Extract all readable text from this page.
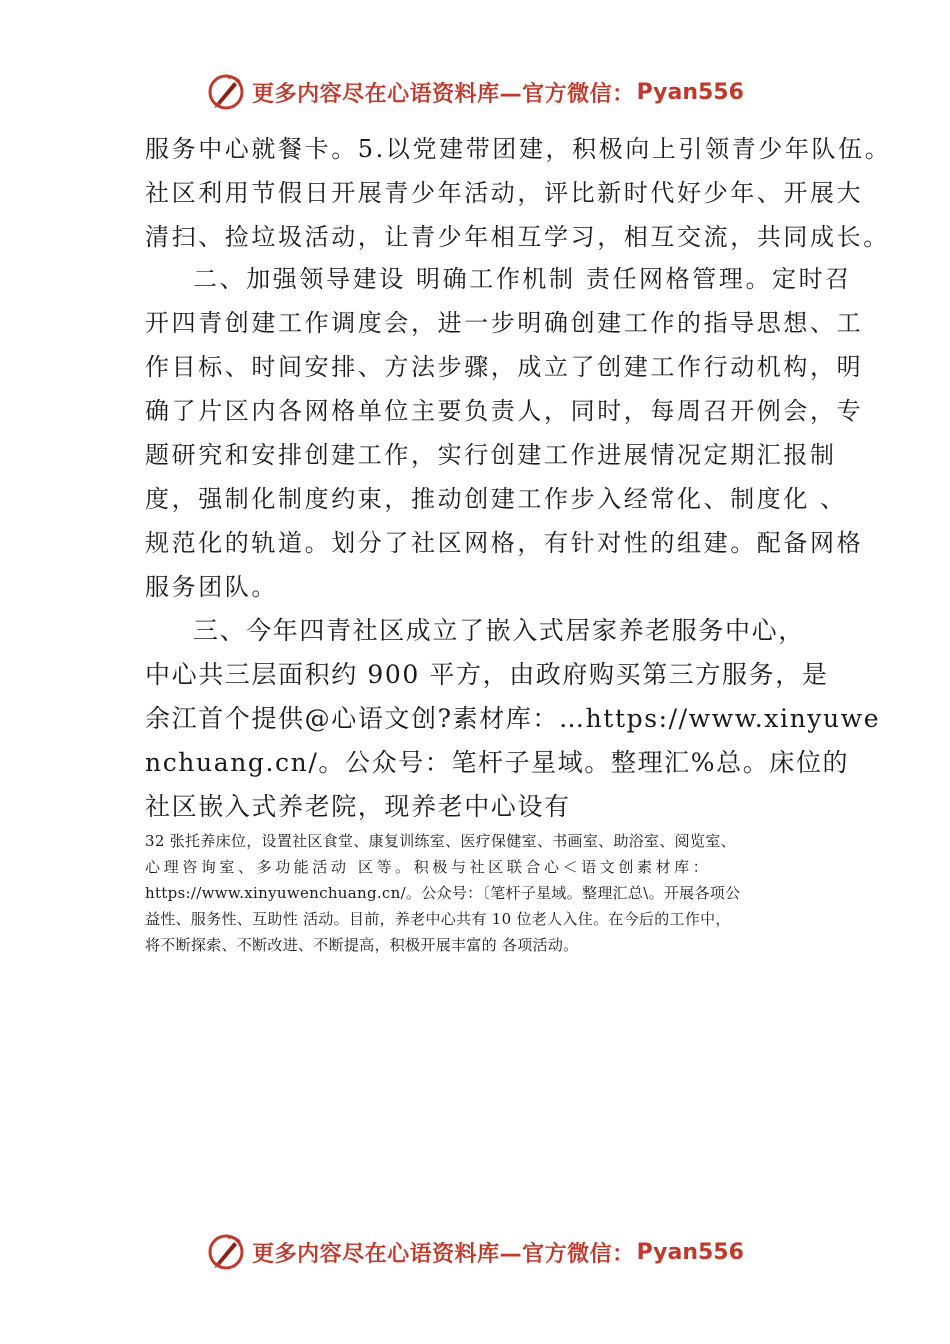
更多内容尽在心语资料库—官方微信： Pyan556
服务中心就餐卡。5.以党建带团建，积极向上引领青少年队伍。
社区利用节假日开展青少年活动，评比新时代好少年、开展大
清扫、捡垃圾活动，让青少年相互学习，相互交流，共同成长。
二、加强领导建设 明确工作机制 责任网格管理。定时召
开四青创建工作调度会，进一步明确创建工作的指导思想、工
作目标、时间安排、方法步骤，成立了创建工作行动机构，明
确了片区内各网格单位主要负责人，同时，每周召开例会，专
题研究和安排创建工作，实行创建工作进展情况定期汇报制
度，强制化制度约束，推动创建工作步入经常化、制度化 、
规范化的轨道。划分了社区网格，有针对性的组建。配备网格
服务团队。
三、今年四青社区成立了嵌入式居家养老服务中心，
中心共三层面积约 900 平方，由政府购买第三方服务，是
余江首个提供@心语文创?素材库：…https://www.xinyuwe
nchuang.cn/。公众号：笔杆子星域。整理汇%总。床位的
社区嵌入式养老院，现养老中心设有
32 张托养床位，设置社区食堂、康复训练室、医疗保健室、书画室、助浴室、阅览室、
心理咨询室、多功能活动 区等。积极与社区联合心＜语文创素材库：
https://www.xinyuwenchuang.cn/。公众号：〔笔杆子星域。整理汇总\。开展各项公
益性、服务性、互助性 活动。目前，养老中心共有 10 位老人入住。在今后的工作中，
将不断探索、不断改进、不断提高，积极开展丰富的 各项活动。
更多内容尽在心语资料库—官方微信： Pyan556
